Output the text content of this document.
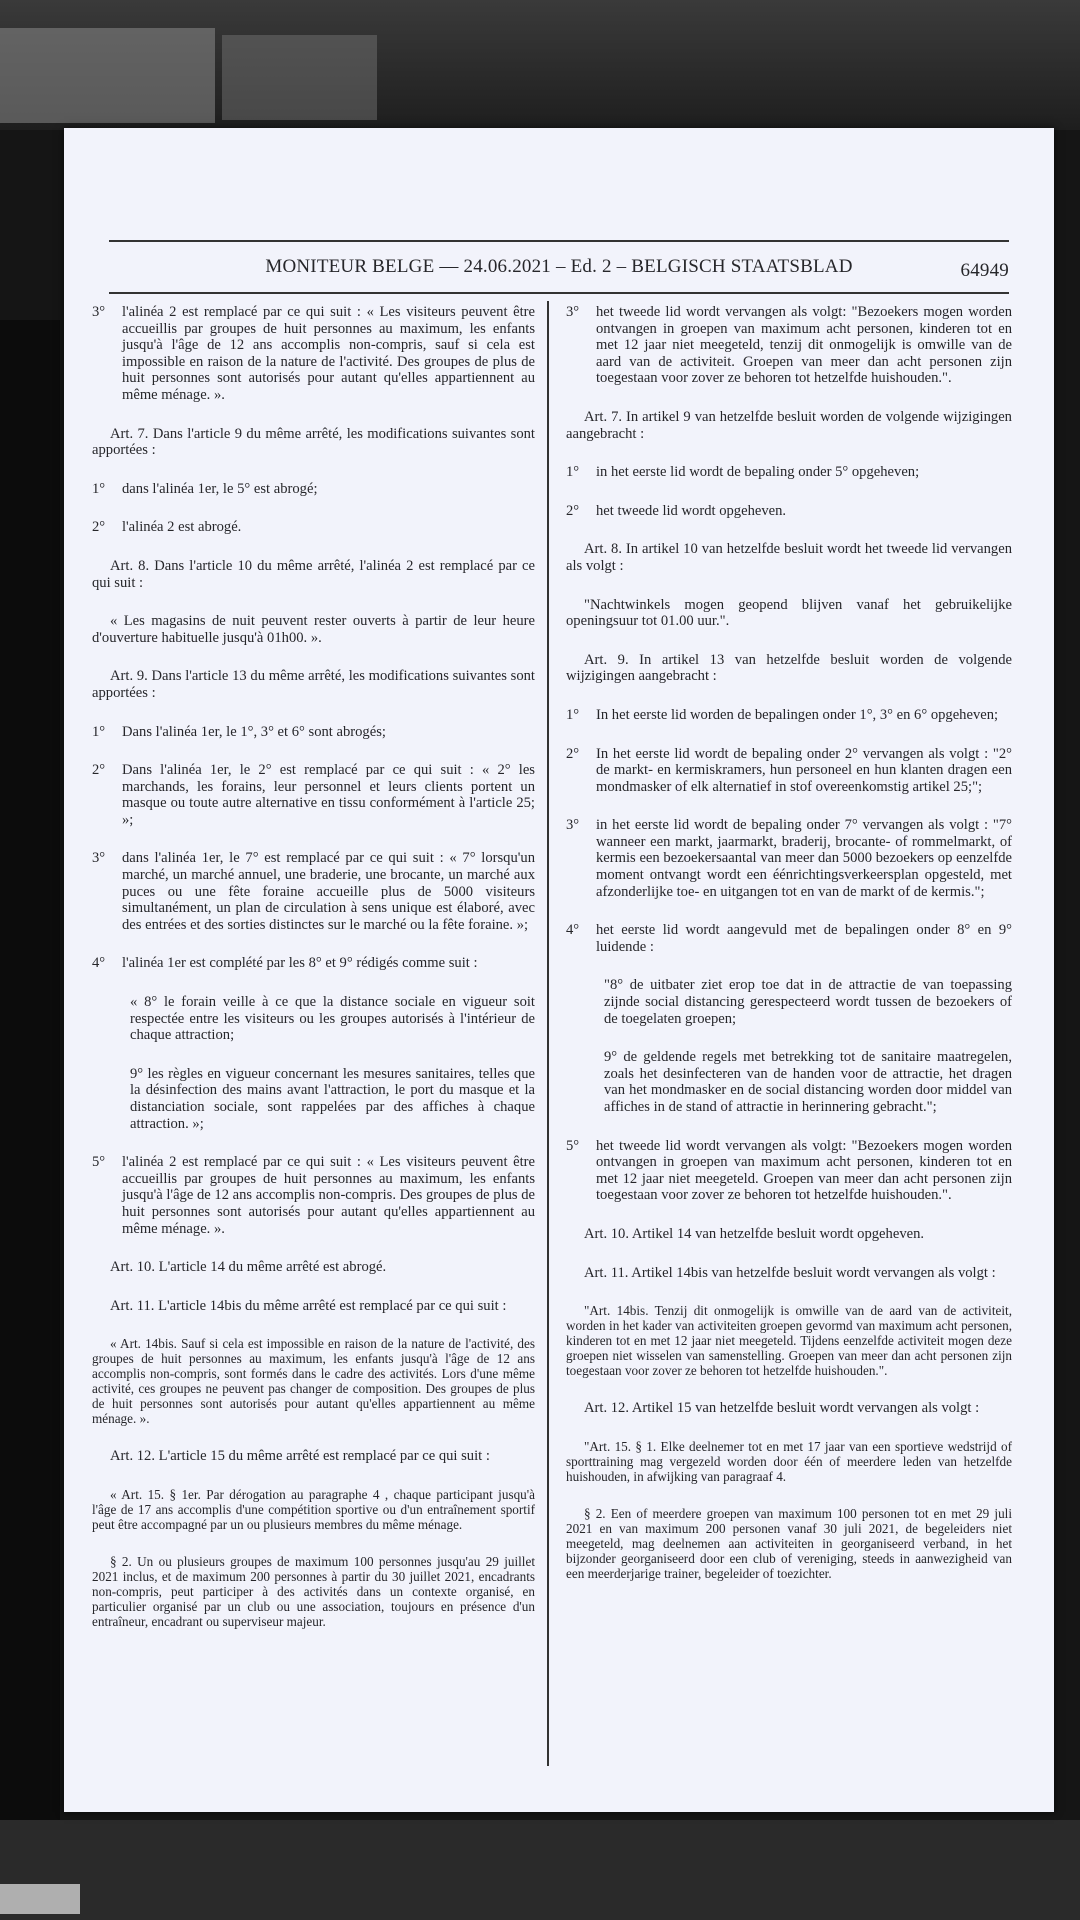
MONITEUR BELGE — 24.06.2021 – Ed. 2 – BELGISCH STAATSBLAD	64949
3°	l'alinéa 2 est remplacé par ce qui suit : « Les visiteurs peuvent être accueillis par groupes de huit personnes au maximum, les enfants jusqu'à l'âge de 12 ans accomplis non-compris, sauf si cela est impossible en raison de la nature de l'activité. Des groupes de plus de huit personnes sont autorisés pour autant qu'elles appartiennent au même ménage. ».

Art. 7. Dans l'article 9 du même arrêté, les modifications suivantes sont apportées :

1°	dans l'alinéa 1er, le 5° est abrogé;
2°	l'alinéa 2 est abrogé.

Art. 8. Dans l'article 10 du même arrêté, l'alinéa 2 est remplacé par ce qui suit :

« Les magasins de nuit peuvent rester ouverts à partir de leur heure d'ouverture habituelle jusqu'à 01h00. ».

Art. 9. Dans l'article 13 du même arrêté, les modifications suivantes sont apportées :

1°	Dans l'alinéa 1er, le 1°, 3° et 6° sont abrogés;
2°	Dans l'alinéa 1er, le 2° est remplacé par ce qui suit : « 2° les marchands, les forains, leur personnel et leurs clients portent un masque ou toute autre alternative en tissu conformément à l'article 25; »;
3°	dans l'alinéa 1er, le 7° est remplacé par ce qui suit : « 7° lorsqu'un marché, un marché annuel, une braderie, une brocante, un marché aux puces ou une fête foraine accueille plus de 5000 visiteurs simultanément, un plan de circulation à sens unique est élaboré, avec des entrées et des sorties distinctes sur le marché ou la fête foraine. »;
4°	l'alinéa 1er est complété par les 8° et 9° rédigés comme suit :

« 8° le forain veille à ce que la distance sociale en vigueur soit respectée entre les visiteurs ou les groupes autorisés à l'intérieur de chaque attraction;

9° les règles en vigueur concernant les mesures sanitaires, telles que la désinfection des mains avant l'attraction, le port du masque et la distanciation sociale, sont rappelées par des affiches à chaque attraction. »;

5°	l'alinéa 2 est remplacé par ce qui suit : « Les visiteurs peuvent être accueillis par groupes de huit personnes au maximum, les enfants jusqu'à l'âge de 12 ans accomplis non-compris. Des groupes de plus de huit personnes sont autorisés pour autant qu'elles appartiennent au même ménage. ».

Art. 10. L'article 14 du même arrêté est abrogé.

Art. 11. L'article 14bis du même arrêté est remplacé par ce qui suit :

« Art. 14bis. Sauf si cela est impossible en raison de la nature de l'activité, des groupes de huit personnes au maximum, les enfants jusqu'à l'âge de 12 ans accomplis non-compris, sont formés dans le cadre des activités. Lors d'une même activité, ces groupes ne peuvent pas changer de composition. Des groupes de plus de huit personnes sont autorisés pour autant qu'elles appartiennent au même ménage. ».

Art. 12. L'article 15 du même arrêté est remplacé par ce qui suit :

« Art. 15. § 1er. Par dérogation au paragraphe 4 , chaque participant jusqu'à l'âge de 17 ans accomplis d'une compétition sportive ou d'un entraînement sportif peut être accompagné par un ou plusieurs membres du même ménage.

§ 2. Un ou plusieurs groupes de maximum 100 personnes jusqu'au 29 juillet 2021 inclus, et de maximum 200 personnes à partir du 30 juillet 2021, encadrants non-compris, peut participer à des activités dans un contexte organisé, en particulier organisé par un club ou une association, toujours en présence d'un entraîneur, encadrant ou superviseur majeur.

3°	het tweede lid wordt vervangen als volgt: "Bezoekers mogen worden ontvangen in groepen van maximum acht personen, kinderen tot en met 12 jaar niet meegeteld, tenzij dit onmogelijk is omwille van de aard van de activiteit. Groepen van meer dan acht personen zijn toegestaan voor zover ze behoren tot hetzelfde huishouden.".

Art. 7. In artikel 9 van hetzelfde besluit worden de volgende wijzigingen aangebracht :

1°	in het eerste lid wordt de bepaling onder 5° opgeheven;
2°	het tweede lid wordt opgeheven.

Art. 8. In artikel 10 van hetzelfde besluit wordt het tweede lid vervangen als volgt :

"Nachtwinkels mogen geopend blijven vanaf het gebruikelijke openingsuur tot 01.00 uur.".

Art. 9. In artikel 13 van hetzelfde besluit worden de volgende wijzigingen aangebracht :

1°	In het eerste lid worden de bepalingen onder 1°, 3° en 6° opgeheven;
2°	In het eerste lid wordt de bepaling onder 2° vervangen als volgt : "2° de markt- en kermiskramers, hun personeel en hun klanten dragen een mondmasker of elk alternatief in stof overeenkomstig artikel 25;";
3°	in het eerste lid wordt de bepaling onder 7° vervangen als volgt : "7° wanneer een markt, jaarmarkt, braderij, brocante- of rommelmarkt, of kermis een bezoekersaantal van meer dan 5000 bezoekers op eenzelfde moment ontvangt wordt een éénrichtingsverkeersplan opgesteld, met afzonderlijke toe- en uitgangen tot en van de markt of de kermis.";
4°	het eerste lid wordt aangevuld met de bepalingen onder 8° en 9° luidende :

"8° de uitbater ziet erop toe dat in de attractie de van toepassing zijnde social distancing gerespecteerd wordt tussen de bezoekers of de toegelaten groepen;

9° de geldende regels met betrekking tot de sanitaire maatregelen, zoals het desinfecteren van de handen voor de attractie, het dragen van het mondmasker en de social distancing worden door middel van affiches in de stand of attractie in herinnering gebracht.";

5°	het tweede lid wordt vervangen als volgt: "Bezoekers mogen worden ontvangen in groepen van maximum acht personen, kinderen tot en met 12 jaar niet meegeteld. Groepen van meer dan acht personen zijn toegestaan voor zover ze behoren tot hetzelfde huishouden.".

Art. 10. Artikel 14 van hetzelfde besluit wordt opgeheven.

Art. 11. Artikel 14bis van hetzelfde besluit wordt vervangen als volgt :

"Art. 14bis. Tenzij dit onmogelijk is omwille van de aard van de activiteit, worden in het kader van activiteiten groepen gevormd van maximum acht personen, kinderen tot en met 12 jaar niet meegeteld. Tijdens eenzelfde activiteit mogen deze groepen niet wisselen van samenstelling. Groepen van meer dan acht personen zijn toegestaan voor zover ze behoren tot hetzelfde huishouden.".

Art. 12. Artikel 15 van hetzelfde besluit wordt vervangen als volgt :

"Art. 15. § 1. Elke deelnemer tot en met 17 jaar van een sportieve wedstrijd of sporttraining mag vergezeld worden door één of meerdere leden van hetzelfde huishouden, in afwijking van paragraaf 4.

§ 2. Een of meerdere groepen van maximum 100 personen tot en met 29 juli 2021 en van maximum 200 personen vanaf 30 juli 2021, de begeleiders niet meegeteld, mag deelnemen aan activiteiten in georganiseerd verband, in het bijzonder georganiseerd door een club of vereniging, steeds in aanwezigheid van een meerderjarige trainer, begeleider of toezichter.
